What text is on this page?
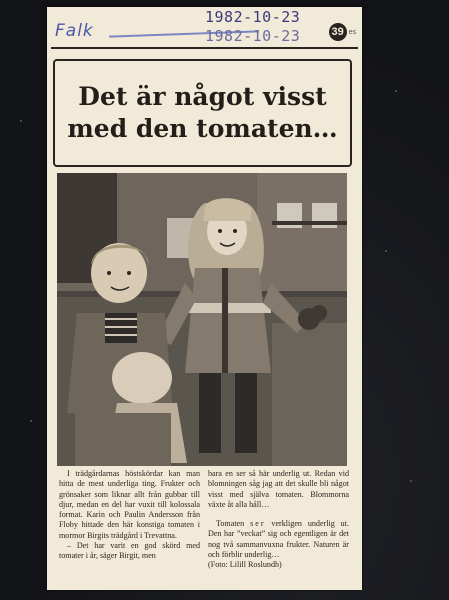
1982-10-23
Falk	1982-10-23	39 es
Det är något visst
med den tomaten…

I trädgårdarnas höstskördar kan man hitta de mest underliga ting. Frukter och grönsaker som liknar allt från gubbar till djur, medan en del har vuxit till kolossala format. Karin och Paulin Andersson från Floby hittade den här konstiga tomaten i mormor Birgits trädgård i Trevattna.

– Det har varit en god skörd med tomater i år, säger Birgit, men

bara en ser så här underlig ut. Redan vid blomningen såg jag att det skulle bli något visst med själva tomaten. Blommorna växte åt alla håll…

Tomaten ser verkligen underlig ut. Den har ”veckat” sig och egentligen är det nog två sammanvuxna frukter. Naturen är och förblir underlig…

(Foto: Lilill Roslundh)
